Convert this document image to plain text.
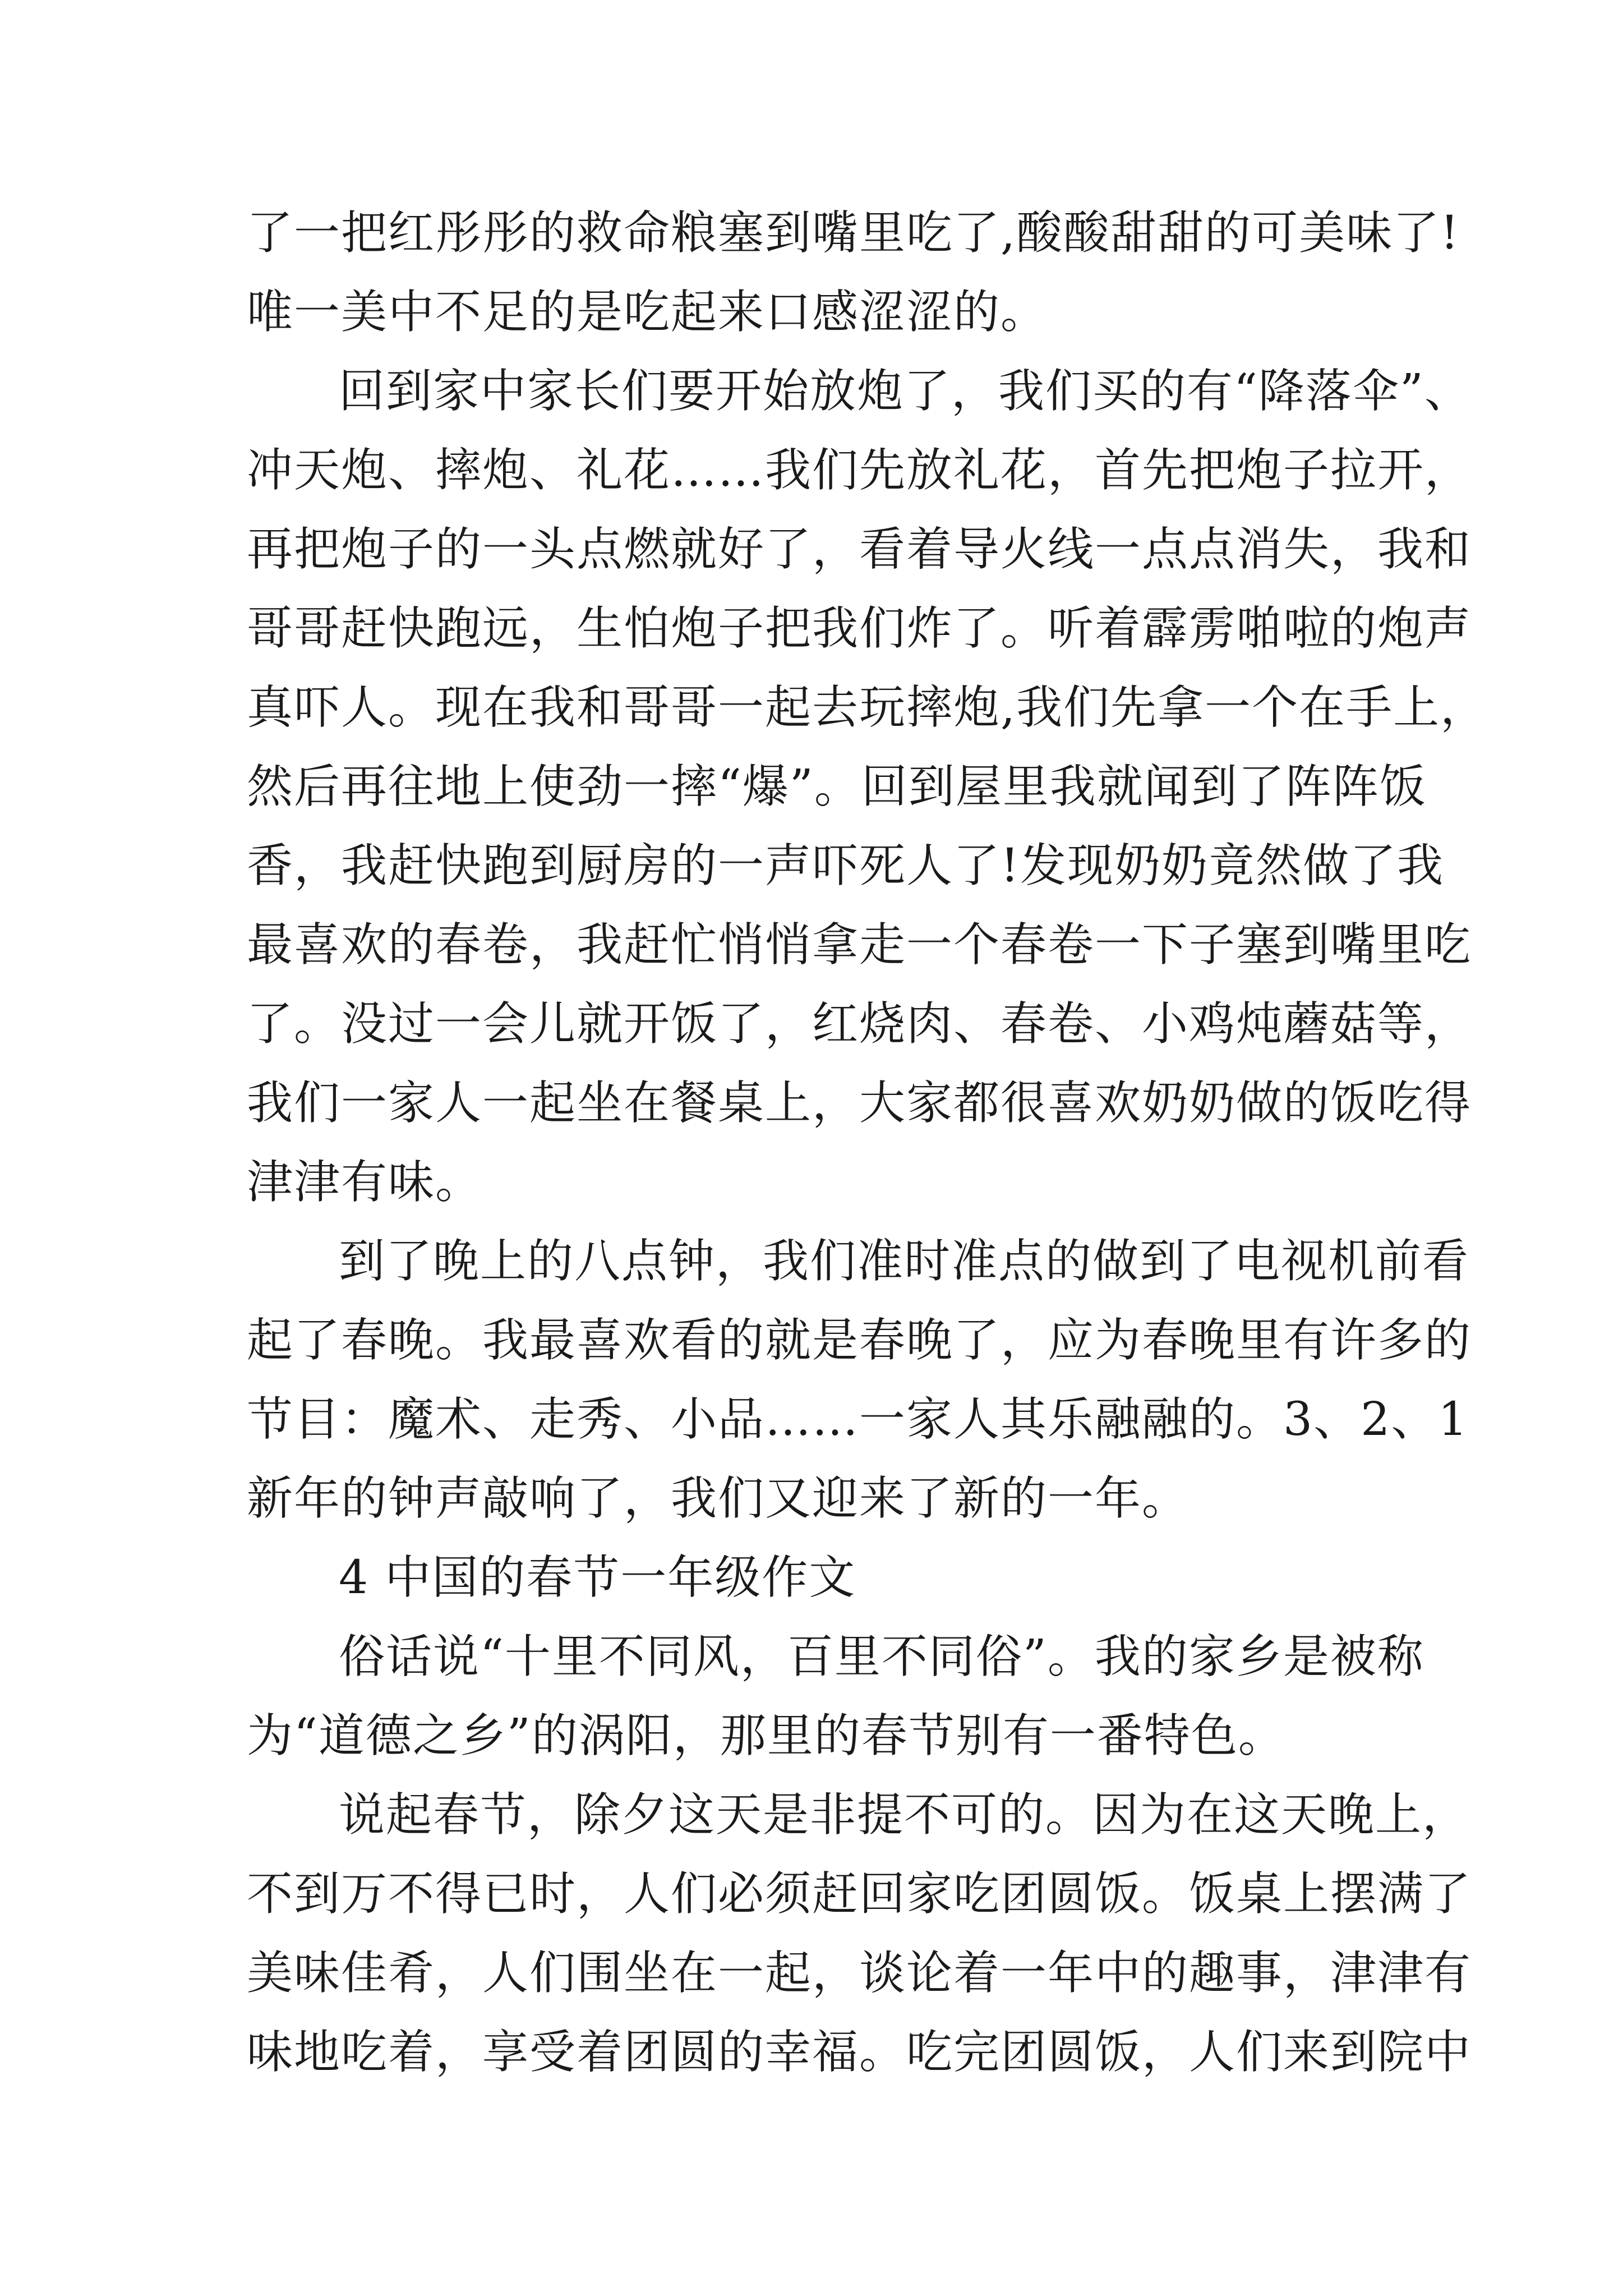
了一把红彤彤的救命粮塞到嘴里吃了,酸酸甜甜的可美味了!
唯一美中不足的是吃起来口感涩涩的。
回到家中家长们要开始放炮了，我们买的有“降落伞”、
冲天炮、摔炮、礼花……我们先放礼花，首先把炮子拉开，
再把炮子的一头点燃就好了，看着导火线一点点消失，我和
哥哥赶快跑远，生怕炮子把我们炸了。听着霹雳啪啦的炮声
真吓人。现在我和哥哥一起去玩摔炮,我们先拿一个在手上，
然后再往地上使劲一摔“爆”。回到屋里我就闻到了阵阵饭
香，我赶快跑到厨房的一声吓死人了!发现奶奶竟然做了我
最喜欢的春卷，我赶忙悄悄拿走一个春卷一下子塞到嘴里吃
了。没过一会儿就开饭了，红烧肉、春卷、小鸡炖蘑菇等，
我们一家人一起坐在餐桌上，大家都很喜欢奶奶做的饭吃得
津津有味。
到了晚上的八点钟，我们准时准点的做到了电视机前看
起了春晚。我最喜欢看的就是春晚了，应为春晚里有许多的
节目：魔术、走秀、小品……一家人其乐融融的。3、2、1
新年的钟声敲响了，我们又迎来了新的一年。
4 中国的春节一年级作文
俗话说“十里不同风，百里不同俗”。我的家乡是被称
为“道德之乡”的涡阳，那里的春节别有一番特色。
说起春节，除夕这天是非提不可的。因为在这天晚上，
不到万不得已时，人们必须赶回家吃团圆饭。饭桌上摆满了
美味佳肴，人们围坐在一起，谈论着一年中的趣事，津津有
味地吃着，享受着团圆的幸福。吃完团圆饭，人们来到院中
